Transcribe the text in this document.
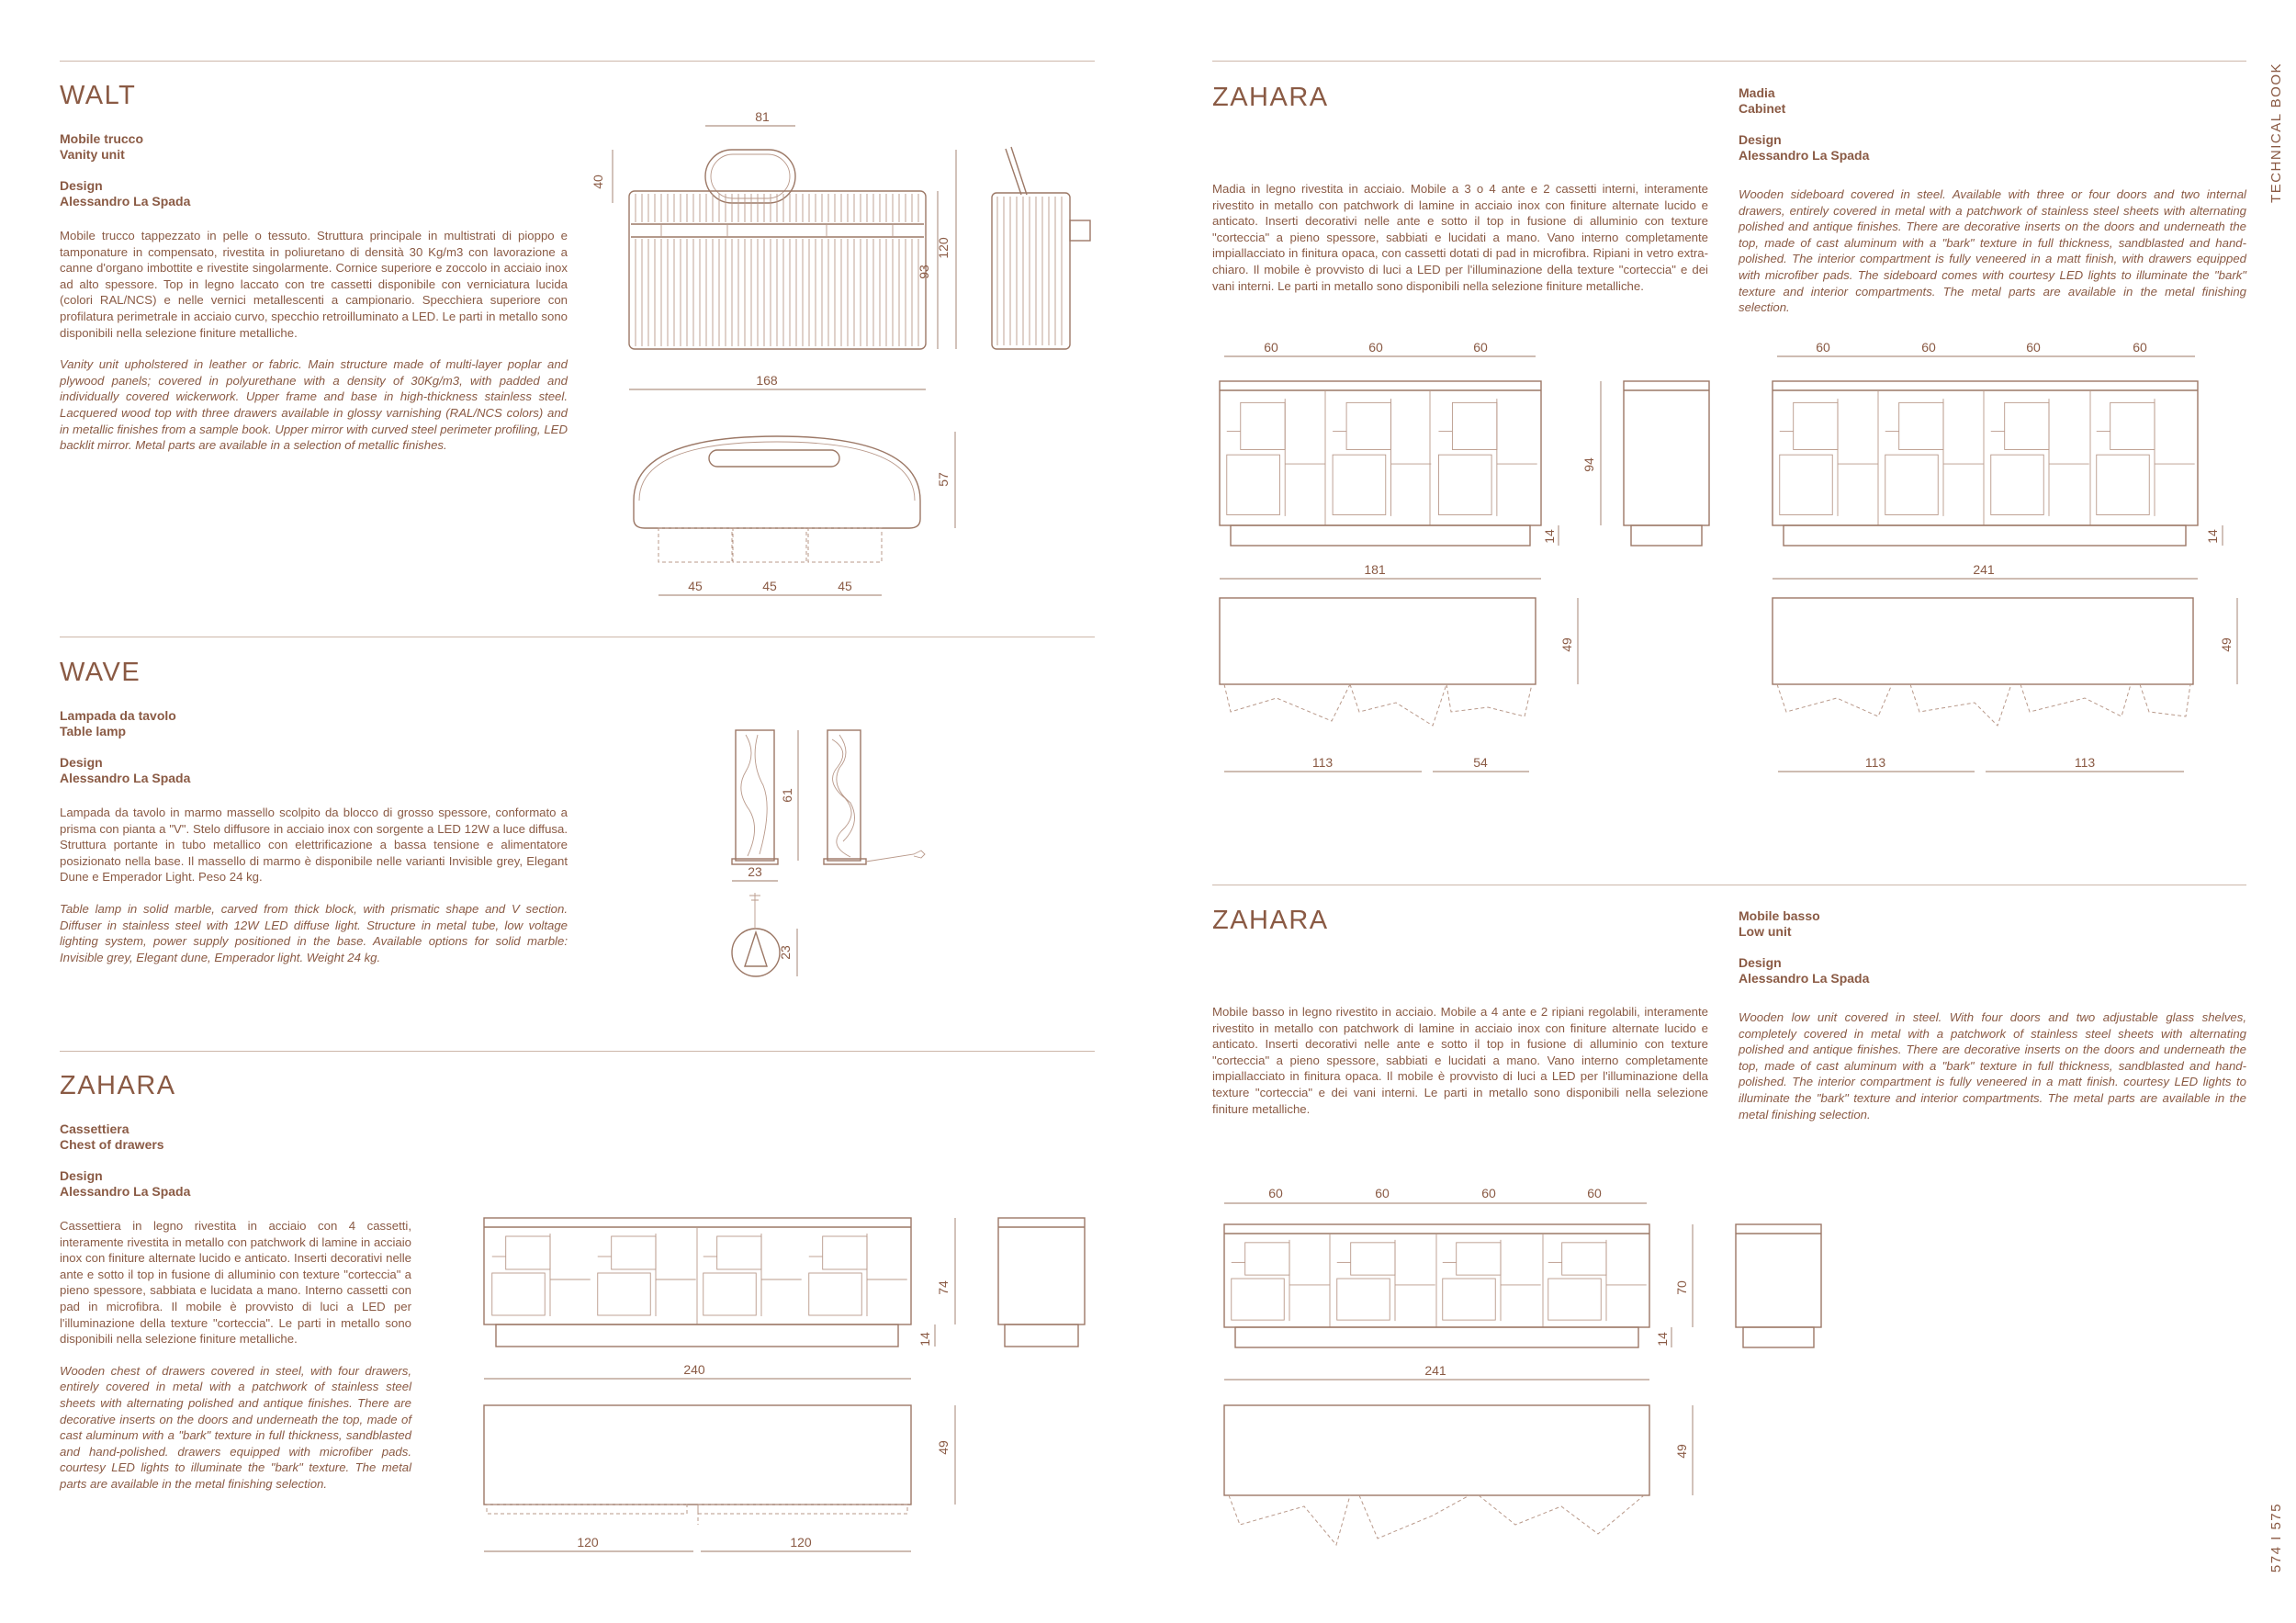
TECHNICAL BOOK
574 I 575
WALT
Mobile trucco
Vanity unit
Design
Alessandro La Spada

Mobile trucco tappezzato in pelle o tessuto. Struttura principale in multistrati di pioppo e tamponature in compensato, rivestita in poliuretano di densità 30 Kg/m3 con lavorazione a canne d'organo imbottite e rivestite singolarmente. Cornice superiore e zoccolo in acciaio inox ad alto spessore. Top in legno laccato con tre cassetti disponibile con verniciatura lucida (colori RAL/NCS) e nelle vernici metallescenti a campionario. Specchiera superiore con profilatura perimetrale in acciaio curvo, specchio retroilluminato a LED. Le parti in metallo sono disponibili nella selezione finiture metalliche.

Vanity unit upholstered in leather or fabric. Main structure made of multi-layer poplar and plywood panels; covered in polyurethane with a density of 30Kg/m3, with padded and individually covered wickerwork. Upper frame and base in high-thickness stainless steel. Lacquered wood top with three drawers available in glossy varnishing (RAL/NCS colors) and in metallic finishes from a sample book. Upper mirror with curved steel perimeter profiling, LED backlit mirror. Metal parts are available in a selection of metallic finishes.

WAVE
Lampada da tavolo
Table lamp
Design
Alessandro La Spada

Lampada da tavolo in marmo massello scolpito da blocco di grosso spessore, conformato a prisma con pianta a "V". Stelo diffusore in acciaio inox con sorgente a LED 12W a luce diffusa. Struttura portante in tubo metallico con elettrificazione a bassa tensione e alimentatore posizionato nella base. Il massello di marmo è disponibile nelle varianti Invisible grey, Elegant Dune e Emperador Light. Peso 24 kg.

Table lamp in solid marble, carved from thick block, with prismatic shape and V section. Diffuser in stainless steel with 12W LED diffuse light. Structure in metal tube, low voltage lighting system, power supply positioned in the base. Available options for solid marble: Invisible grey, Elegant dune, Emperador light. Weight 24 kg.

ZAHARA
Cassettiera
Chest of drawers
Design
Alessandro La Spada

Cassettiera in legno rivestita in acciaio con 4 cassetti, interamente rivestita in metallo con patchwork di lamine in acciaio inox con finiture alternate lucido e anticato. Inserti decorativi nelle ante e sotto il top in fusione di alluminio con texture "corteccia" a pieno spessore, sabbiata e lucidata a mano. Interno cassetti con pad in microfibra. Il mobile è provvisto di luci a LED per l'illuminazione della texture "corteccia". Le parti in metallo sono disponibili nella selezione finiture metalliche.

Wooden chest of drawers covered in steel, with four drawers, entirely covered in metal with a patchwork of stainless steel sheets with alternating polished and antique finishes. There are decorative inserts on the doors and underneath the top, made of cast aluminum with a "bark" texture in full thickness, sandblasted and hand-polished. drawers equipped with microfiber pads. courtesy LED lights to illuminate the "bark" texture. The metal parts are available in the metal finishing selection.

ZAHARA

Madia in legno rivestita in acciaio. Mobile a 3 o 4 ante e 2 cassetti interni, interamente rivestito in metallo con patchwork di lamine in acciaio inox con finiture alternate lucido e anticato. Inserti decorativi nelle ante e sotto il top in fusione di alluminio con texture "corteccia" a pieno spessore, sabbiati e lucidati a mano. Vano interno completamente impiallacciato in finitura opaca, con cassetti dotati di pad in microfibra. Ripiani in vetro extra-chiaro. Il mobile è provvisto di luci a LED per l'illuminazione della texture "corteccia" e dei vani interni. Le parti in metallo sono disponibili nella selezione finiture metalliche.

Madia
Cabinet
Design
Alessandro La Spada

Wooden sideboard covered in steel. Available with three or four doors and two internal drawers, entirely covered in metal with a patchwork of stainless steel sheets with alternating polished and antique finishes. There are decorative inserts on the doors and underneath the top, made of cast aluminum with a "bark" texture in full thickness, sandblasted and hand-polished. The interior compartment is fully veneered in a matt finish, with drawers equipped with microfiber pads. The sideboard comes with courtesy LED lights to illuminate the "bark" texture and interior compartments. The metal parts are available in the metal finishing selection.

ZAHARA

Mobile basso in legno rivestito in acciaio. Mobile a 4 ante e 2 ripiani regolabili, interamente rivestito in metallo con patchwork di lamine in acciaio inox con finiture alternate lucido e anticato. Inserti decorativi nelle ante e sotto il top in fusione di alluminio con texture "corteccia" a pieno spessore, sabbiati e lucidati a mano. Vano interno completamente impiallacciato in finitura opaca. Il mobile è provvisto di luci a LED per l'illuminazione della texture "corteccia" e dei vani interni. Le parti in metallo sono disponibili nella selezione finiture metalliche.

Mobile basso
Low unit
Design
Alessandro La Spada

Wooden low unit covered in steel. With four doors and two adjustable glass shelves, completely covered in metal with a patchwork of stainless steel sheets with alternating polished and antique finishes. There are decorative inserts on the doors and underneath the top, made of cast aluminum with a "bark" texture in full thickness, sandblasted and hand-polished. The interior compartment is fully veneered in a matt finish. courtesy LED lights to illuminate the "bark" texture and interior compartments. The metal parts are available in the metal finishing selection.

81
40
93
120
168
57
45	45	45
61
23
23
74
14
240
49
120	120
60	60	60
94
14
181
49
113	54
60	60	60	60
14
241
49
113	113
60	60	60	60
70
14
241
49
